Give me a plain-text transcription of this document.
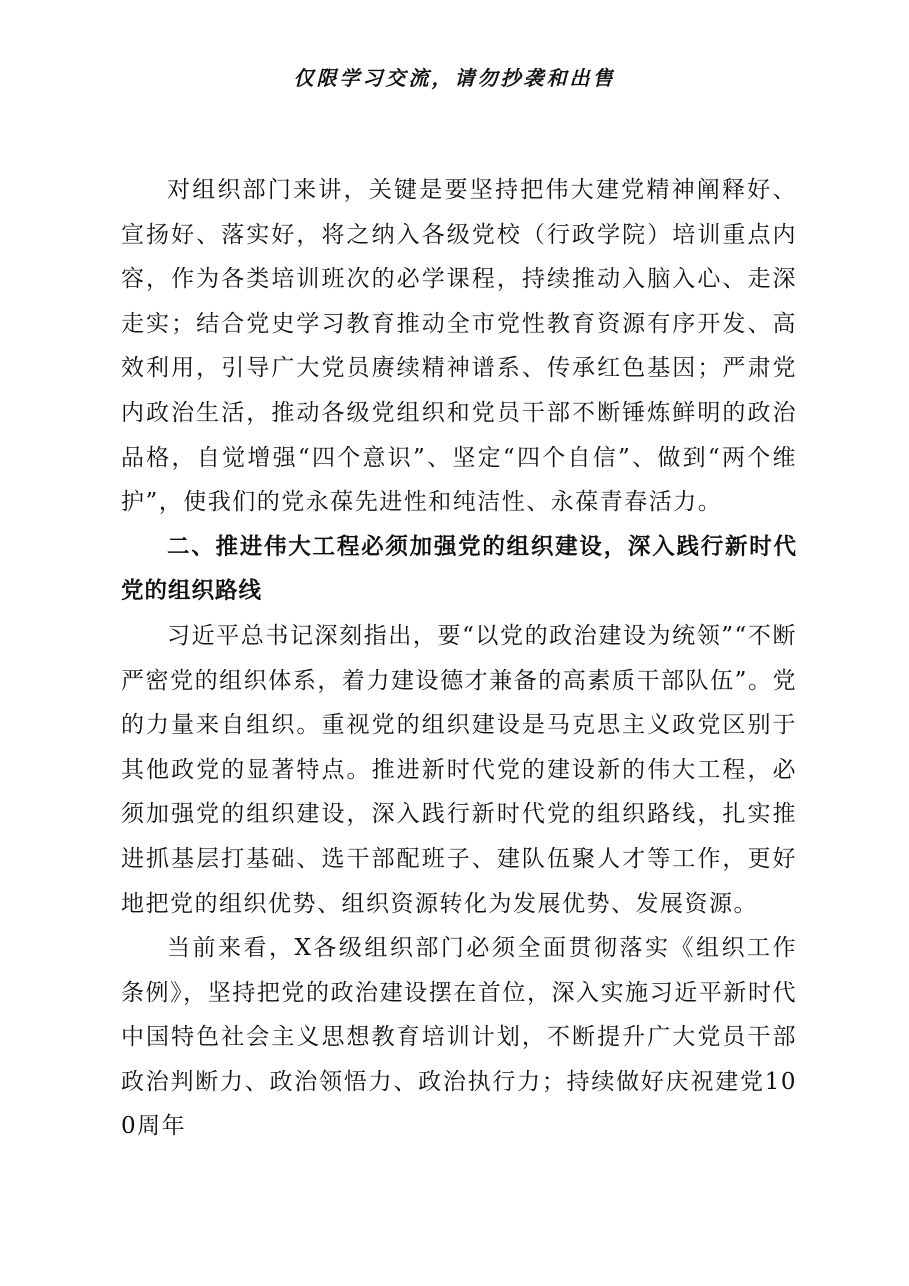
仅限学习交流，请勿抄袭和出售

对组织部门来讲，关键是要坚持把伟大建党精神阐释好、宣扬好、落实好，将之纳入各级党校（行政学院）培训重点内容，作为各类培训班次的必学课程，持续推动入脑入心、走深走实；结合党史学习教育推动全市党性教育资源有序开发、高效利用，引导广大党员赓续精神谱系、传承红色基因；严肃党内政治生活，推动各级党组织和党员干部不断锤炼鲜明的政治品格，自觉增强“四个意识”、坚定“四个自信”、做到“两个维护”，使我们的党永葆先进性和纯洁性、永葆青春活力。

二、推进伟大工程必须加强党的组织建设，深入践行新时代党的组织路线

习近平总书记深刻指出，要“以党的政治建设为统领”“不断严密党的组织体系，着力建设德才兼备的高素质干部队伍”。党的力量来自组织。重视党的组织建设是马克思主义政党区别于其他政党的显著特点。推进新时代党的建设新的伟大工程，必须加强党的组织建设，深入践行新时代党的组织路线，扎实推进抓基层打基础、选干部配班子、建队伍聚人才等工作，更好地把党的组织优势、组织资源转化为发展优势、发展资源。

当前来看，X各级组织部门必须全面贯彻落实《组织工作条例》，坚持把党的政治建设摆在首位，深入实施习近平新时代中国特色社会主义思想教育培训计划，不断提升广大党员干部政治判断力、政治领悟力、政治执行力；持续做好庆祝建党100周年
